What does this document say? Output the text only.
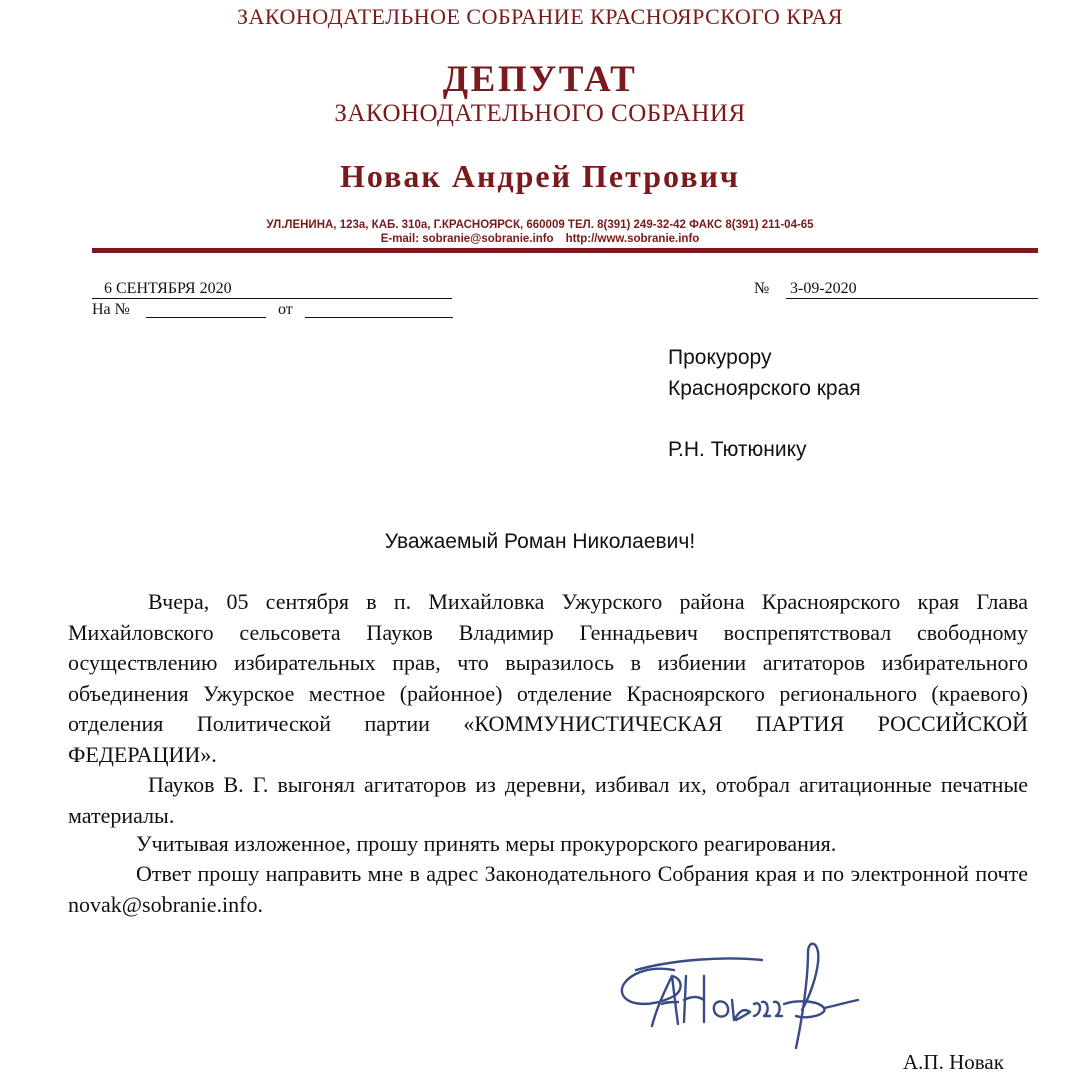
ЗАКОНОДАТЕЛЬНОЕ СОБРАНИЕ КРАСНОЯРСКОГО КРАЯ
ДЕПУТАТ
ЗАКОНОДАТЕЛЬНОГО СОБРАНИЯ
Новак Андрей Петрович
УЛ.ЛЕНИНА, 123а, КАБ. 310а, Г.КРАСНОЯРСК, 660009 ТЕЛ. 8(391) 249-32-42 ФАКС 8(391) 211-04-65
E-mail: sobranie@sobranie.info http://www.sobranie.info
6 СЕНТЯБРЯ 2020	№ 3-09-2020
На №	от
Прокурору
Красноярского края
Р.Н. Тютюнику
Уважаемый Роман Николаевич!

Вчера, 05 сентября в п. Михайловка Ужурского района Красноярского края Глава Михайловского сельсовета Пауков Владимир Геннадьевич воспрепятствовал свободному осуществлению избирательных прав, что выразилось в избиении агитаторов избирательного объединения Ужурское местное (районное) отделение Красноярского регионального (краевого) отделения Политической партии «КОММУНИСТИЧЕСКАЯ ПАРТИЯ РОССИЙСКОЙ ФЕДЕРАЦИИ».

Пауков В. Г. выгонял агитаторов из деревни, избивал их, отобрал агитационные печатные материалы.

Учитывая изложенное, прошу принять меры прокурорского реагирования.

Ответ прошу направить мне в адрес Законодательного Собрания края и по электронной почте novak@sobranie.info.

А.П. Новак
